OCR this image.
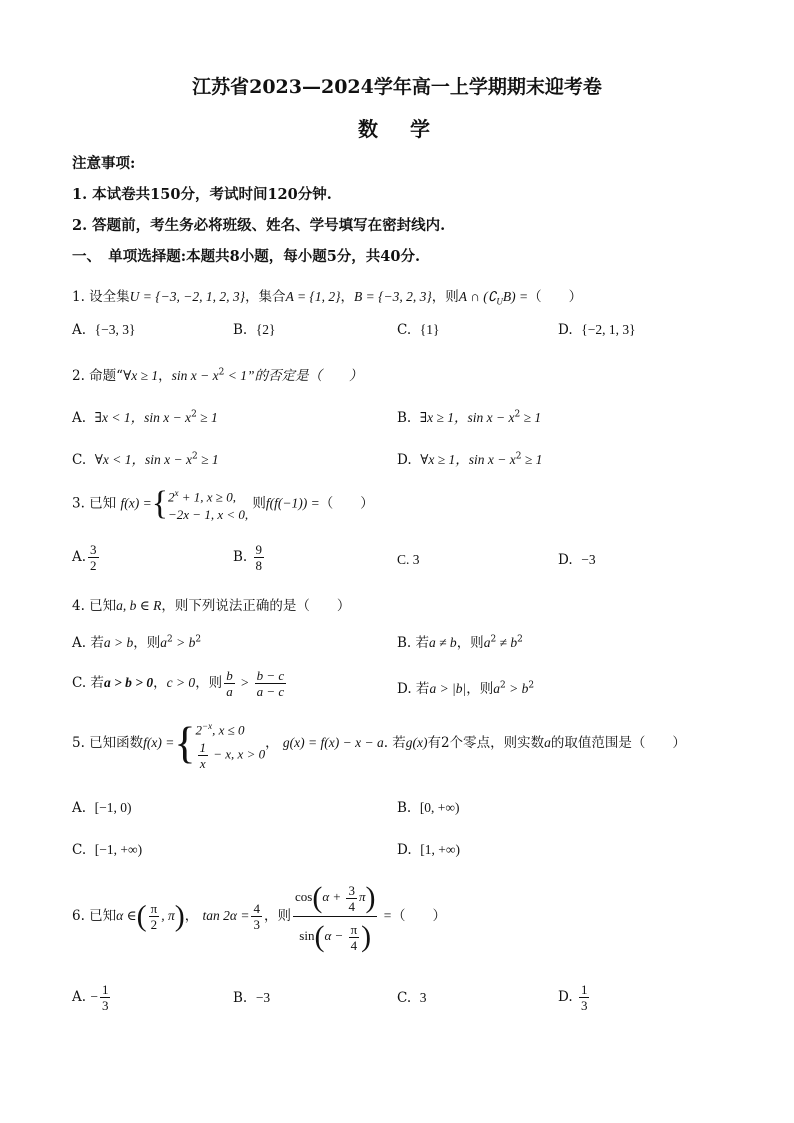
江苏省2023—2024学年高一上学期期末迎考卷
数　学
注意事项:
1. 本试卷共150分，考试时间120分钟.
2. 答题前，考生务必将班级、姓名、学号填写在密封线内.
一、　单项选择题:本题共8小题，每小题5分，共40分.
1. 设全集U = {−3, −2, 1, 2, 3}，集合A = {1, 2}，B = {−3, 2, 3}，则A ∩ $(∁_UB)$ =（　　）
A. {−3, 3}	B. {2}	C. {1}	D. {−2, 1, 3}
2. 命题“∀x ≥ 1，$\sin x - x^2 < 1$”的否定是（　　）
A. ∃x < 1，$\sin x - x^2 \ge 1$	B. ∃x ≥ 1，$\sin x - x^2 \ge 1$
C. ∀x < 1，$\sin x - x^2 \ge 1$	D. ∀x ≥ 1，$\sin x - x^2 \ge 1$
3. 已知 f(x) ={ $2^x + 1$, x ≥ 0,
−2x − 1, x < 0,
则f(f(−1)) =（　　）
A. $\frac{3}{2}$	B. $\frac{9}{8}$	C. 3	D. −3
4. 已知a, b ∈ R，则下列说法正确的是（　　）
A. 若a > b，则$a^2 > b^2$	B. 若a ≠ b，则$a^2 \ne b^2$
C. 若a > b > 0，c > 0，则 $\frac{b}{a} > \frac{b - c}{a - c}$	D. 若a > |b|，则$a^2 > b^2$
5. 已知函数f(x) ={ $2^{-x}$, x ≤ 0
$\frac{1}{x} - x$, x > 0
， g(x) = f(x) − x − a. 若g(x)有2个零点，则实数a的取值范围是（　　）
A. [−1, 0)	B. [0, +∞)
C. [−1, +∞)	D. [1, +∞)
6. 已知α ∈( $\frac{\pi}{2}$ , π)， $\tan 2\alpha = \frac{4}{3}$ ，则 $\frac{\cos(\alpha + \frac{3}{4} \pi)}{\sin(\alpha - \frac{\pi}{4} )}$ =（　　）
A. − $\frac{1}{3}$	B. −3	C. 3	D. $\frac{1}{3}$
